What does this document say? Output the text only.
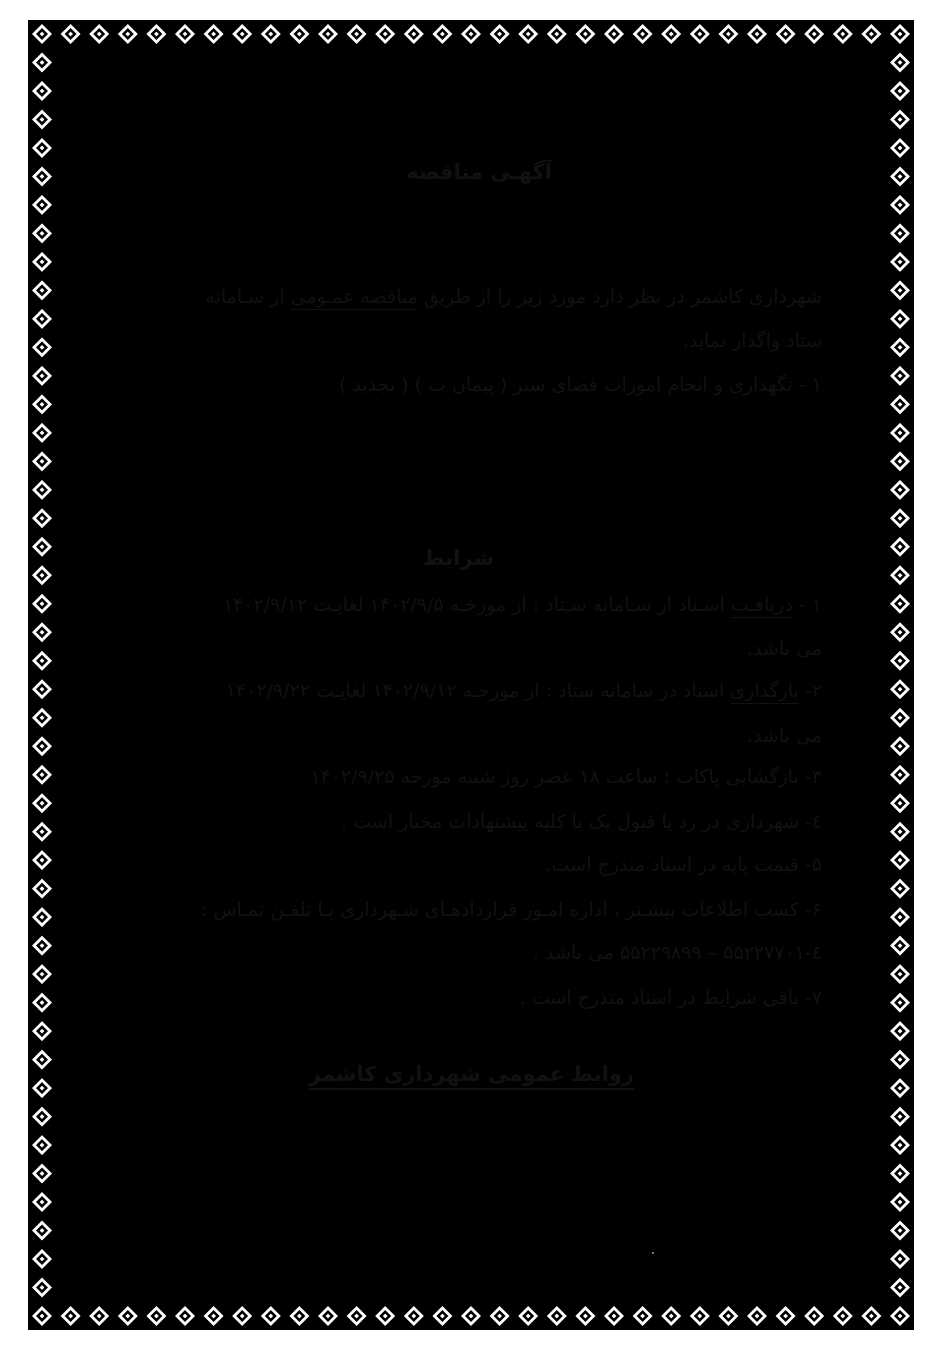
آگهـی مناقصه
شهرداری کاشمر در نظر دارد مورد زیر را از طریق مناقصه عمـومی از سـامانه
ستاد واگذار نماید.
۱ - نگهداری و انجام امورات فضای سبز ( پیمان ب ) ( تجدید )
شرایط
۱ - دریافـت اسـناد از سـامانه سـتاد : از مورخـه ۱۴۰۲/۹/۵ لغایـت ۱۴۰۲/۹/۱۲
می باشد.
۲- بارگذاری اسناد در سامانه ستاد : از مورخـه ۱۴۰۲/۹/۱۲ لغایـت ۱۴۰۲/۹/۲۲
می باشد.
۳- بازگشایی پاکات : ساعت ۱۸ عصر روز شنبه مورخه ۱۴۰۲/۹/۲۵
٤- شهرداری در رد یا قبول یک یا کلیه پیشنهادات مختار است .
۵- قیمت پایه در اسناد مندرج است.
۶- کسب اطلاعات بیشـتر ، اداره امـور قراردادهـای شـهرداری بـا تلفـن تمـاس :
٤-۵۵۲۲۷۷۰۱ – ۵۵۲۲۹۸۹۹ می باشد .
۷- باقی شرایط در اسناد مندرج است .
روابط عمومی شهرداری کاشمر
